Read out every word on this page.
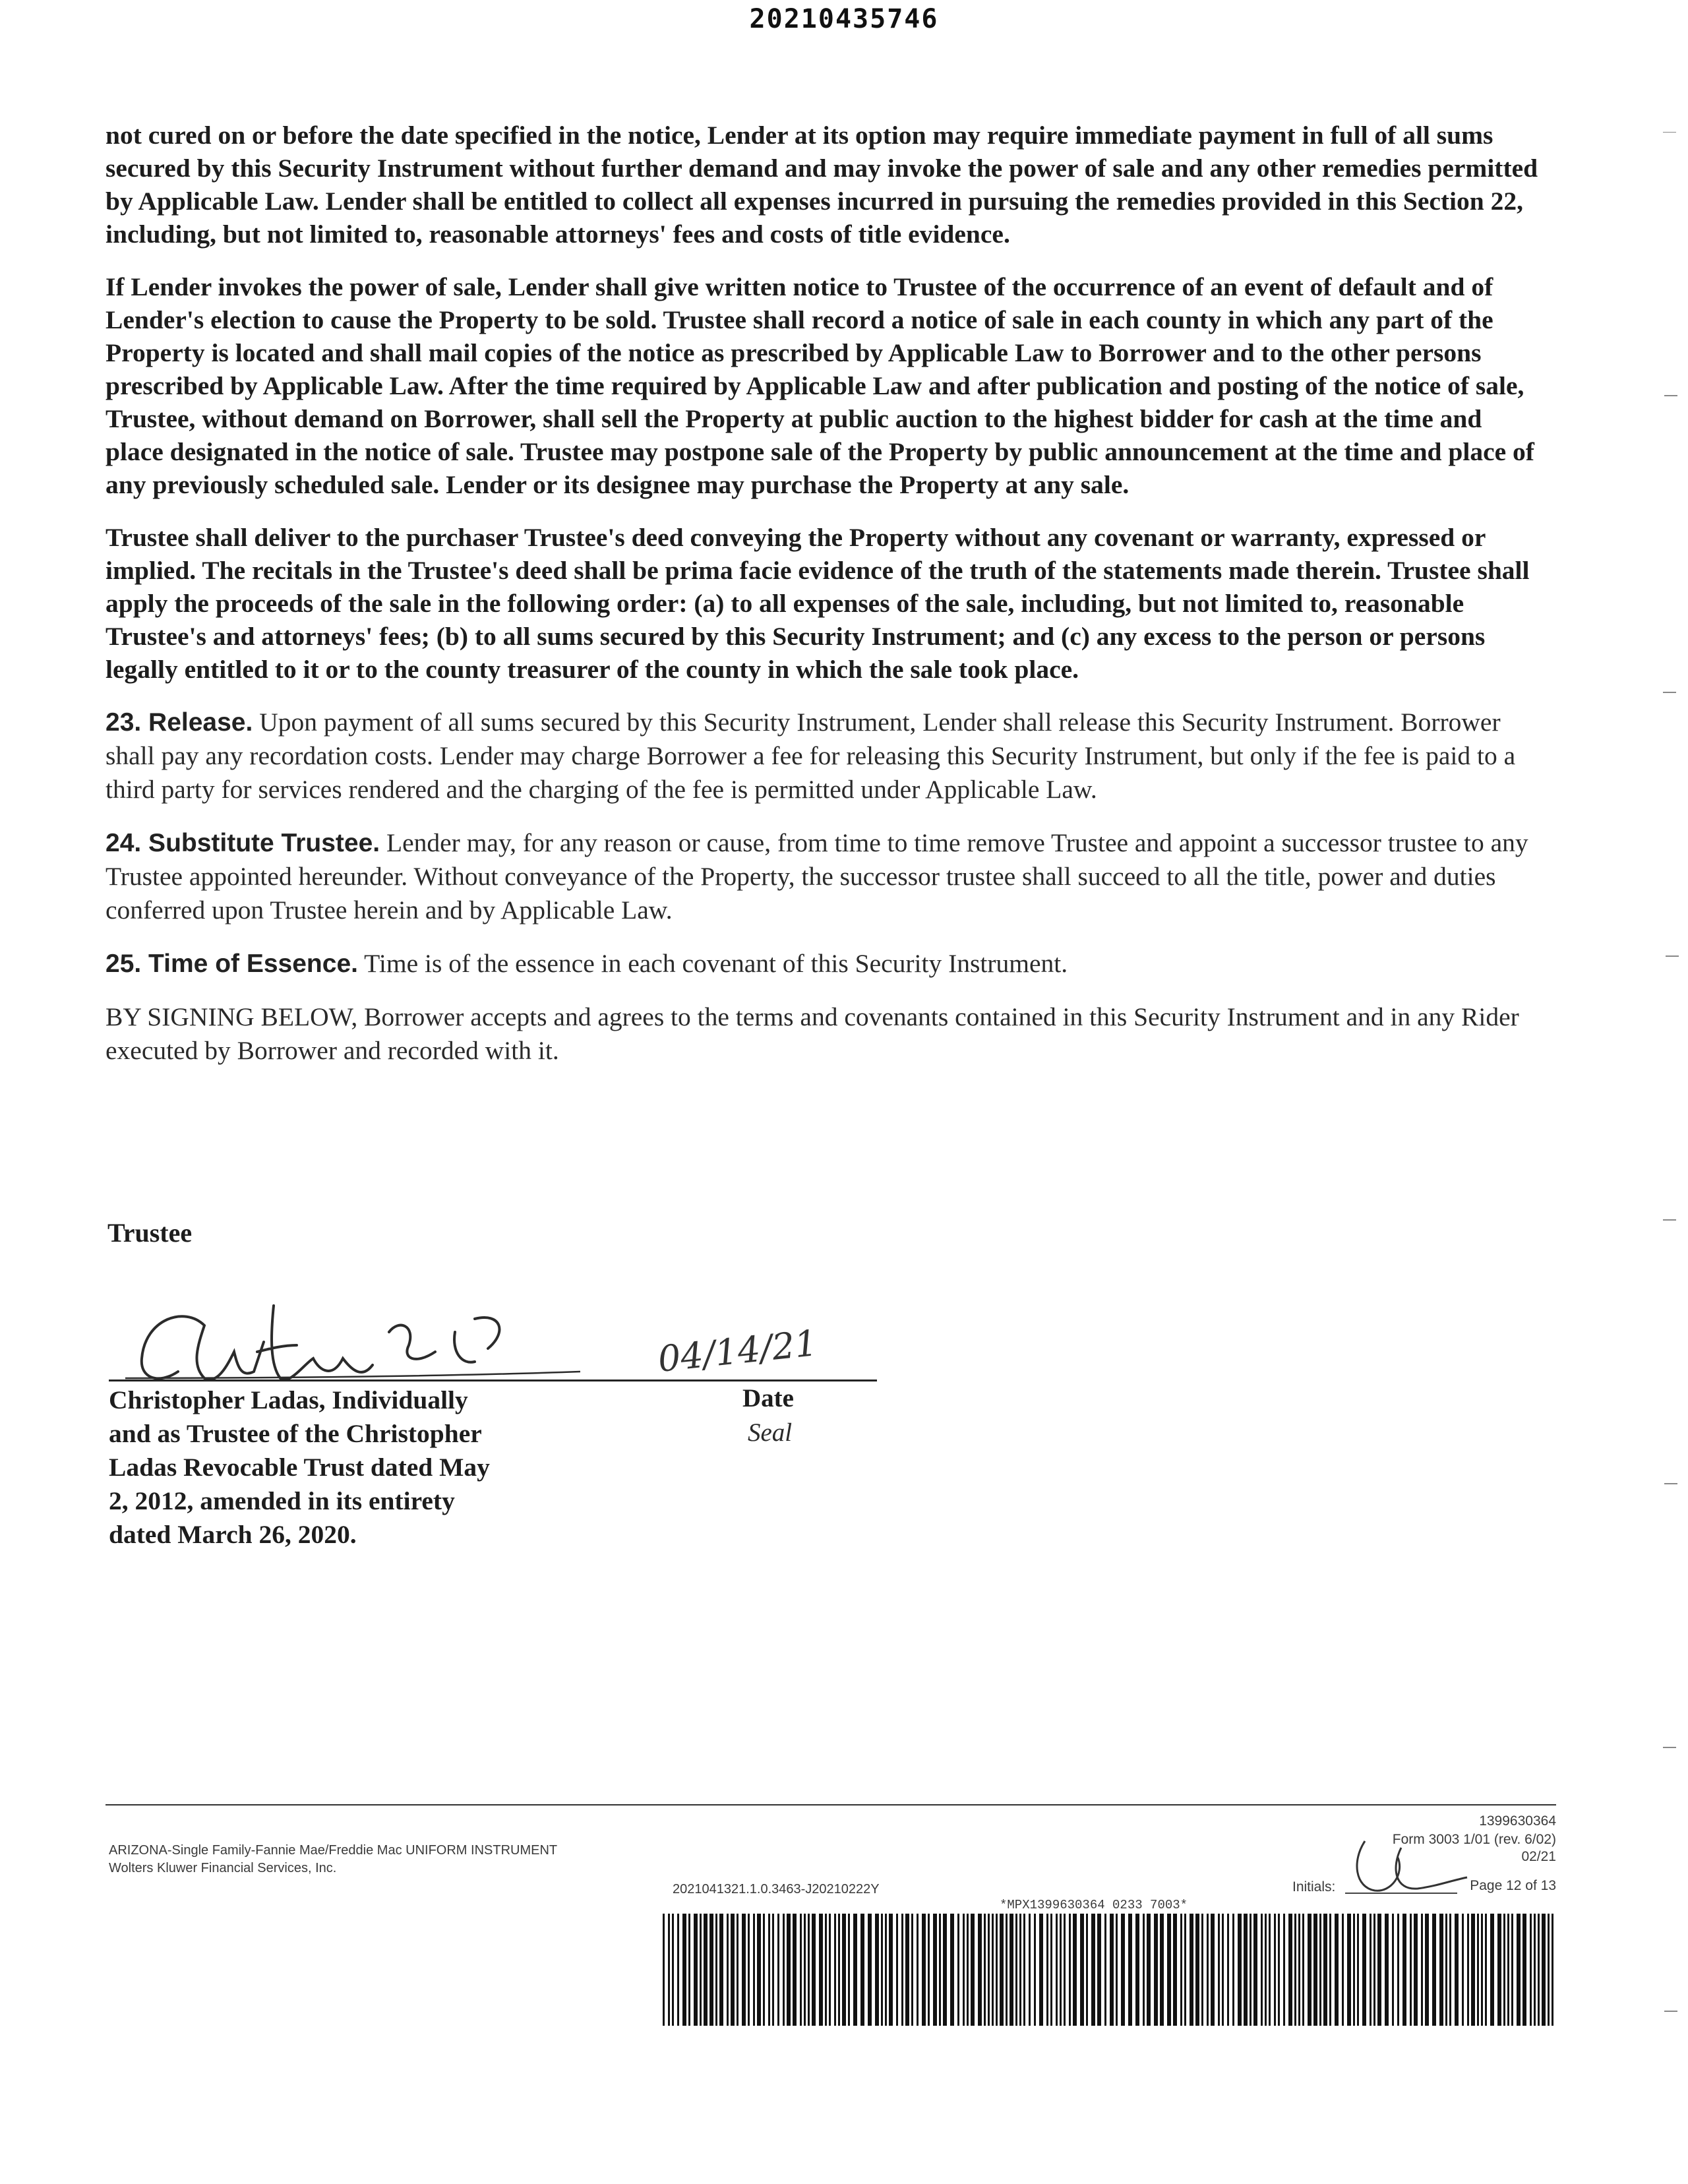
20210435746

not cured on or before the date specified in the notice, Lender at its option may require immediate payment in full of all sums secured by this Security Instrument without further demand and may invoke the power of sale and any other remedies permitted by Applicable Law. Lender shall be entitled to collect all expenses incurred in pursuing the remedies provided in this Section 22, including, but not limited to, reasonable attorneys' fees and costs of title evidence.

If Lender invokes the power of sale, Lender shall give written notice to Trustee of the occurrence of an event of default and of Lender's election to cause the Property to be sold. Trustee shall record a notice of sale in each county in which any part of the Property is located and shall mail copies of the notice as prescribed by Applicable Law to Borrower and to the other persons prescribed by Applicable Law. After the time required by Applicable Law and after publication and posting of the notice of sale, Trustee, without demand on Borrower, shall sell the Property at public auction to the highest bidder for cash at the time and place designated in the notice of sale. Trustee may postpone sale of the Property by public announcement at the time and place of any previously scheduled sale. Lender or its designee may purchase the Property at any sale.

Trustee shall deliver to the purchaser Trustee's deed conveying the Property without any covenant or warranty, expressed or implied. The recitals in the Trustee's deed shall be prima facie evidence of the truth of the statements made therein. Trustee shall apply the proceeds of the sale in the following order: (a) to all expenses of the sale, including, but not limited to, reasonable Trustee's and attorneys' fees; (b) to all sums secured by this Security Instrument; and (c) any excess to the person or persons legally entitled to it or to the county treasurer of the county in which the sale took place.

23. Release. Upon payment of all sums secured by this Security Instrument, Lender shall release this Security Instrument. Borrower shall pay any recordation costs. Lender may charge Borrower a fee for releasing this Security Instrument, but only if the fee is paid to a third party for services rendered and the charging of the fee is permitted under Applicable Law.

24. Substitute Trustee. Lender may, for any reason or cause, from time to time remove Trustee and appoint a successor trustee to any Trustee appointed hereunder. Without conveyance of the Property, the successor trustee shall succeed to all the title, power and duties conferred upon Trustee herein and by Applicable Law.

25. Time of Essence. Time is of the essence in each covenant of this Security Instrument.

BY SIGNING BELOW, Borrower accepts and agrees to the terms and covenants contained in this Security Instrument and in any Rider executed by Borrower and recorded with it.

Trustee
04/14/21
Christopher Ladas, Individually
and as Trustee of the Christopher
Ladas Revocable Trust dated May
2, 2012, amended in its entirety
dated March 26, 2020.
Date
Seal
ARIZONA-Single Family-Fannie Mae/Freddie Mac UNIFORM INSTRUMENT
Wolters Kluwer Financial Services, Inc.
2021041321.1.0.3463-J20210222Y
1399630364
Form 3003 1/01 (rev. 6/02)
02/21
Initials:	Page 12 of 13
*MPX1399630364 0233 7003*
